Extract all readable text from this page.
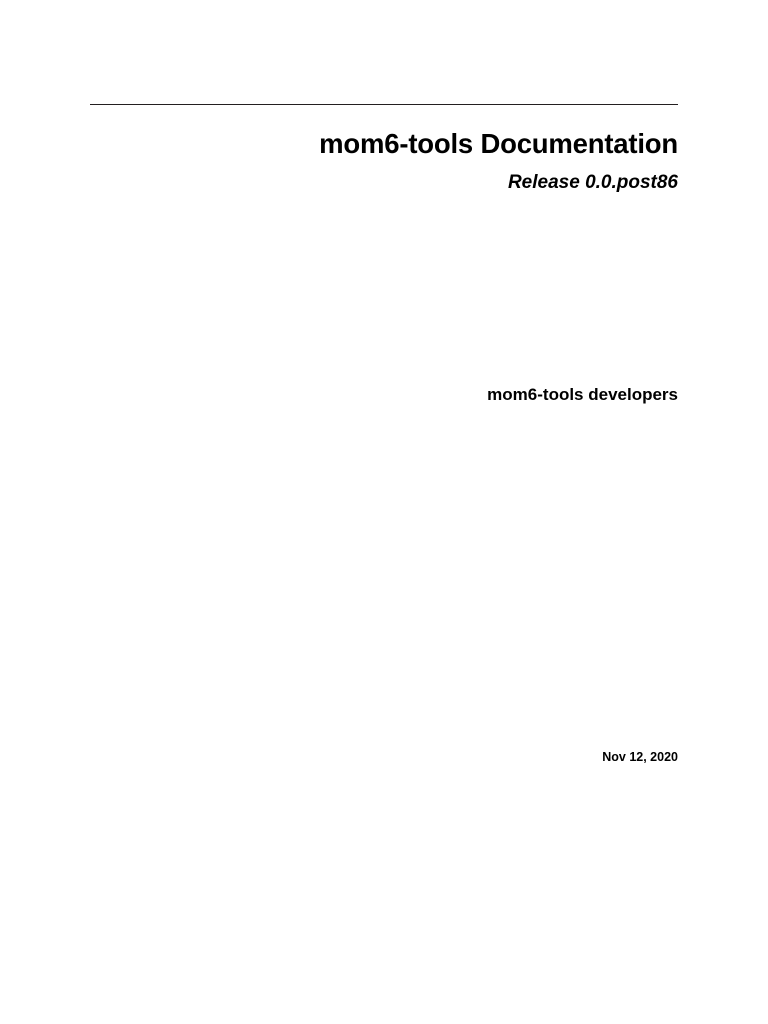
mom6-tools Documentation

Release 0.0.post86

mom6-tools developers
Nov 12, 2020
